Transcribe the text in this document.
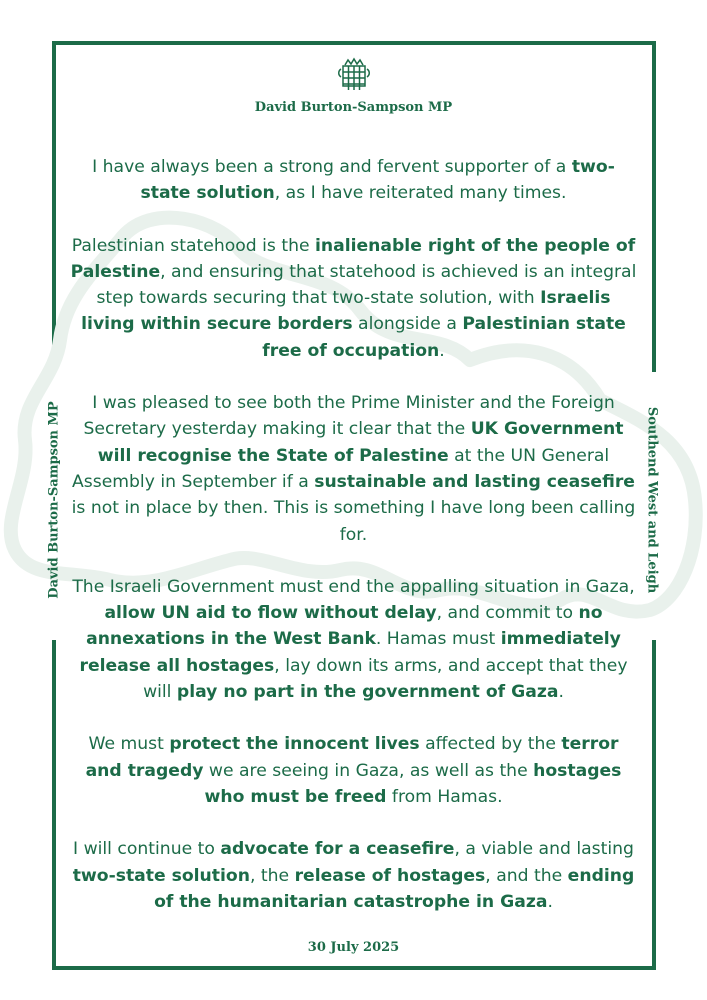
David Burton-Sampson MP
David Burton-Sampson MP	Southend West and Leigh

I have always been a strong and fervent supporter of a two-state solution, as I have reiterated many times.

Palestinian statehood is the inalienable right of the people of Palestine, and ensuring that statehood is achieved is an integral step towards securing that two-state solution, with Israelis living within secure borders alongside a Palestinian state free of occupation.

I was pleased to see both the Prime Minister and the Foreign Secretary yesterday making it clear that the UK Government will recognise the State of Palestine at the UN General Assembly in September if a sustainable and lasting ceasefire is not in place by then. This is something I have long been calling for.

The Israeli Government must end the appalling situation in Gaza, allow UN aid to flow without delay, and commit to no annexations in the West Bank. Hamas must immediately release all hostages, lay down its arms, and accept that they will play no part in the government of Gaza.

We must protect the innocent lives affected by the terror and tragedy we are seeing in Gaza, as well as the hostages who must be freed from Hamas.

I will continue to advocate for a ceasefire, a viable and lasting two-state solution, the release of hostages, and the ending of the humanitarian catastrophe in Gaza.

30 July 2025
